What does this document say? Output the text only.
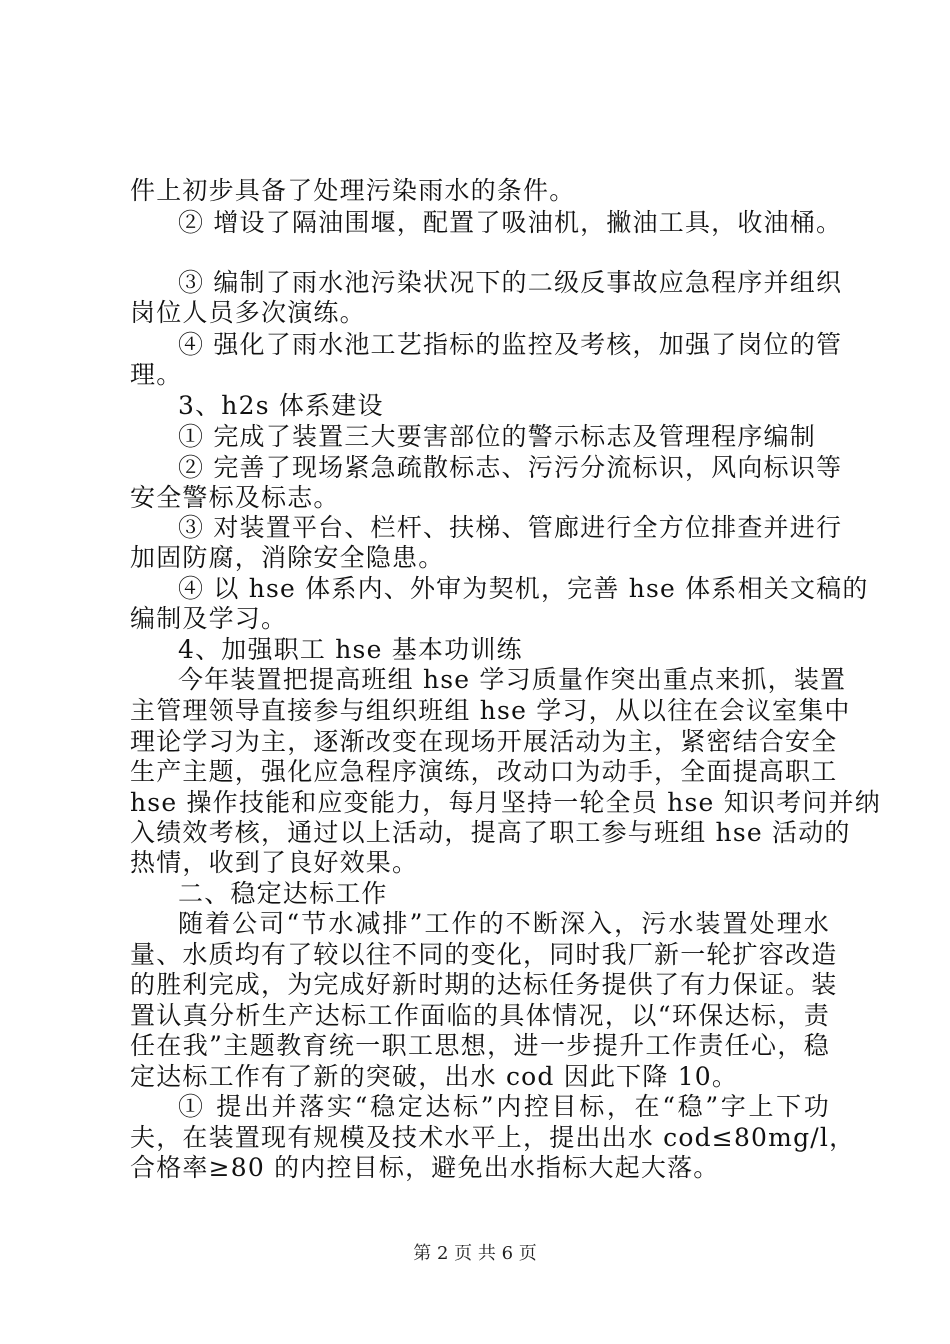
件上初步具备了处理污染雨水的条件。
② 增设了隔油围堰，配置了吸油机，撇油工具，收油桶。
③ 编制了雨水池污染状况下的二级反事故应急程序并组织
岗位人员多次演练。
④ 强化了雨水池工艺指标的监控及考核，加强了岗位的管
理。
3、h2s 体系建设
① 完成了装置三大要害部位的警示标志及管理程序编制
② 完善了现场紧急疏散标志、污污分流标识，风向标识等
安全警标及标志。
③ 对装置平台、栏杆、扶梯、管廊进行全方位排查并进行
加固防腐，消除安全隐患。
④ 以 hse 体系内、外审为契机，完善 hse 体系相关文稿的
编制及学习。
4、加强职工 hse 基本功训练
今年装置把提高班组 hse 学习质量作突出重点来抓，装置
主管理领导直接参与组织班组 hse 学习，从以往在会议室集中
理论学习为主，逐渐改变在现场开展活动为主，紧密结合安全
生产主题，强化应急程序演练，改动口为动手，全面提高职工
hse 操作技能和应变能力，每月坚持一轮全员 hse 知识考问并纳
入绩效考核，通过以上活动，提高了职工参与班组 hse 活动的
热情，收到了良好效果。
二、稳定达标工作
随着公司“节水减排”工作的不断深入，污水装置处理水
量、水质均有了较以往不同的变化，同时我厂新一轮扩容改造
的胜利完成，为完成好新时期的达标任务提供了有力保证。装
置认真分析生产达标工作面临的具体情况，以“环保达标，责
任在我”主题教育统一职工思想，进一步提升工作责任心，稳
定达标工作有了新的突破，出水 cod 因此下降 10。
① 提出并落实“稳定达标”内控目标，在“稳”字上下功
夫，在装置现有规模及技术水平上，提出出水 cod≤80mg/l，
合格率≥80 的内控目标，避免出水指标大起大落。
第 2 页 共 6 页
